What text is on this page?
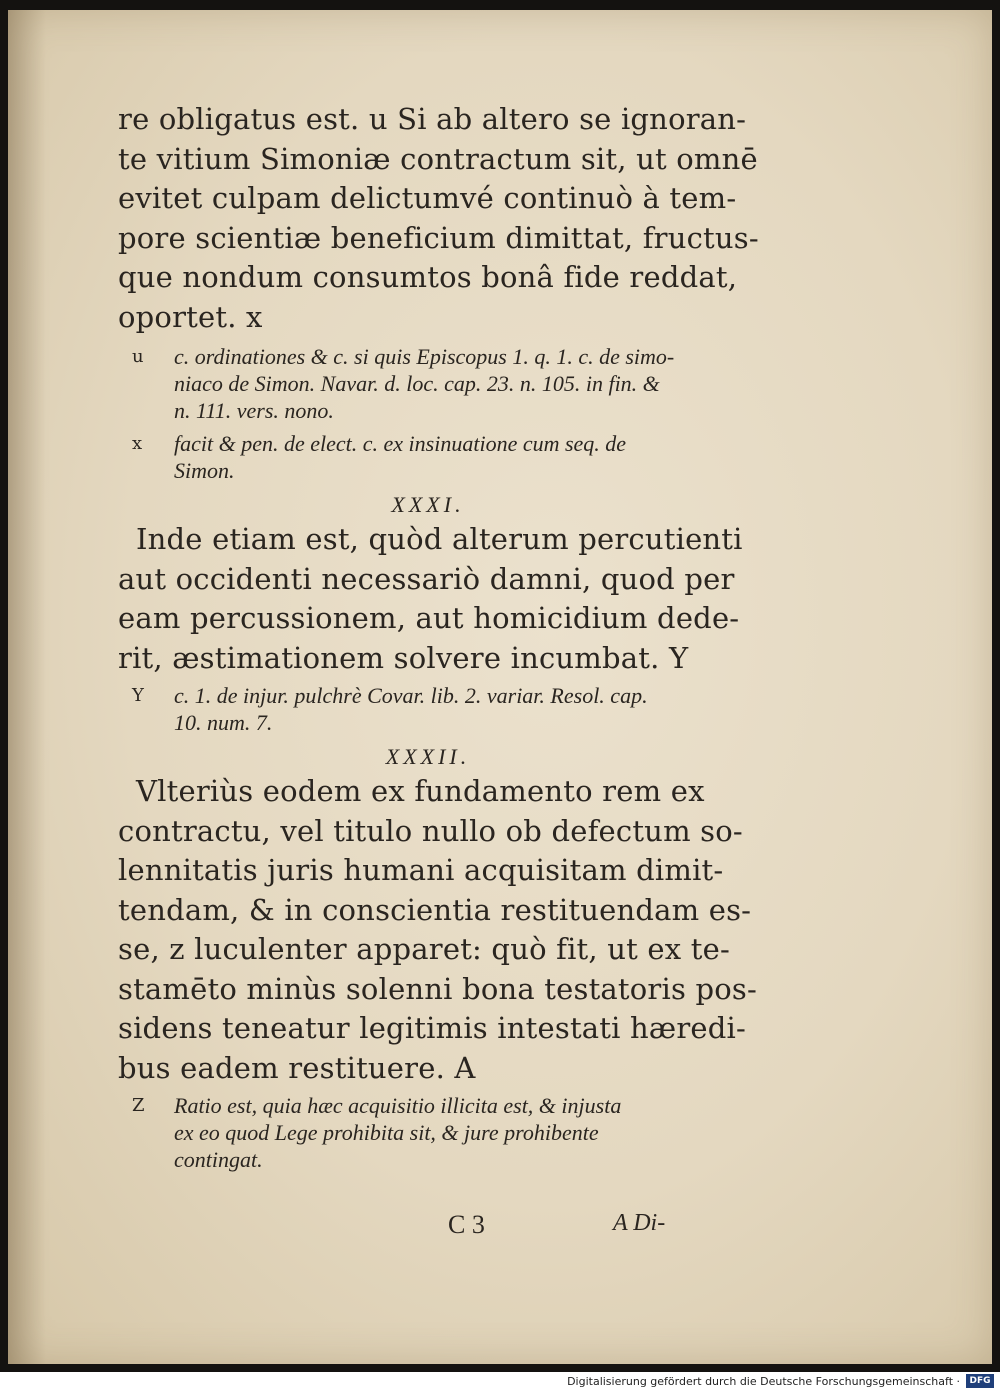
re obligatus est. u Si ab altero se ignoran-
te vitium Simoniæ contractum sit, ut omnē
evitet culpam delictumvé continuò à tem-
pore scientiæ beneficium dimittat, fructus-
que nondum consumtos bonâ fide reddat,
oportet. x
u c. ordinationes & c. si quis Episcopus 1. q. 1. c. de simo-
niaco de Simon. Navar. d. loc. cap. 23. n. 105. in fin. &
n. 111. vers. nono.
x facit & pen. de elect. c. ex insinuatione cum seq. de
Simon.
XXXI.
Inde etiam est, quòd alterum percutienti
aut occidenti necessariò damni, quod per
eam percussionem, aut homicidium dede-
rit, æstimationem solvere incumbat. Y
Y c. 1. de injur. pulchrè Covar. lib. 2. variar. Resol. cap.
10. num. 7.
XXXII.
Vlteriùs eodem ex fundamento rem ex
contractu, vel titulo nullo ob defectum so-
lennitatis juris humani acquisitam dimit-
tendam, & in conscientia restituendam es-
se, z luculenter apparet: quò fit, ut ex te-
stamēto minùs solenni bona testatoris pos-
sidens teneatur legitimis intestati hæredi-
bus eadem restituere. A
Z Ratio est, quia hæc acquisitio illicita est, & injusta
ex eo quod Lege prohibita sit, & jure prohibente
contingat.
C 3	A Di-
Digitalisierung gefördert durch die Deutsche Forschungsgemeinschaft ·	DFG
